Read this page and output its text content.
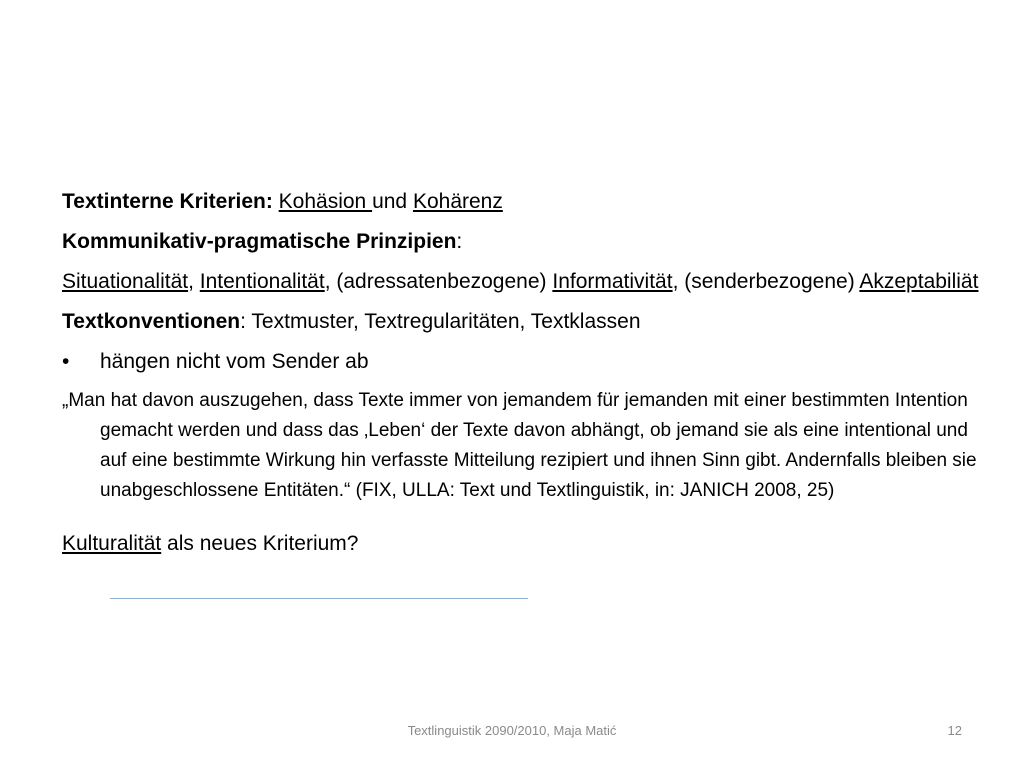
Textinterne Kriterien: Kohäsion und Kohärenz
Kommunikativ-pragmatische Prinzipien:
Situationalität, Intentionalität, (adressatenbezogene) Informativität, (senderbezogene) Akzeptabiliät
Textkonventionen: Textmuster, Textregularitäten, Textklassen
•	hängen nicht vom Sender ab
„Man hat davon auszugehen, dass Texte immer von jemandem für jemanden mit einer bestimmten Intention gemacht werden und dass das ‚Leben‘ der Texte davon abhängt, ob jemand sie als eine intentional und auf eine bestimmte Wirkung hin verfasste Mitteilung rezipiert und ihnen Sinn gibt. Andernfalls bleiben sie unabgeschlossene Entitäten.“ (FIX, ULLA: Text und Textlinguistik, in: JANICH 2008, 25)
Kulturalität als neues Kriterium?
Textlinguistik 2090/2010, Maja Matić	12
